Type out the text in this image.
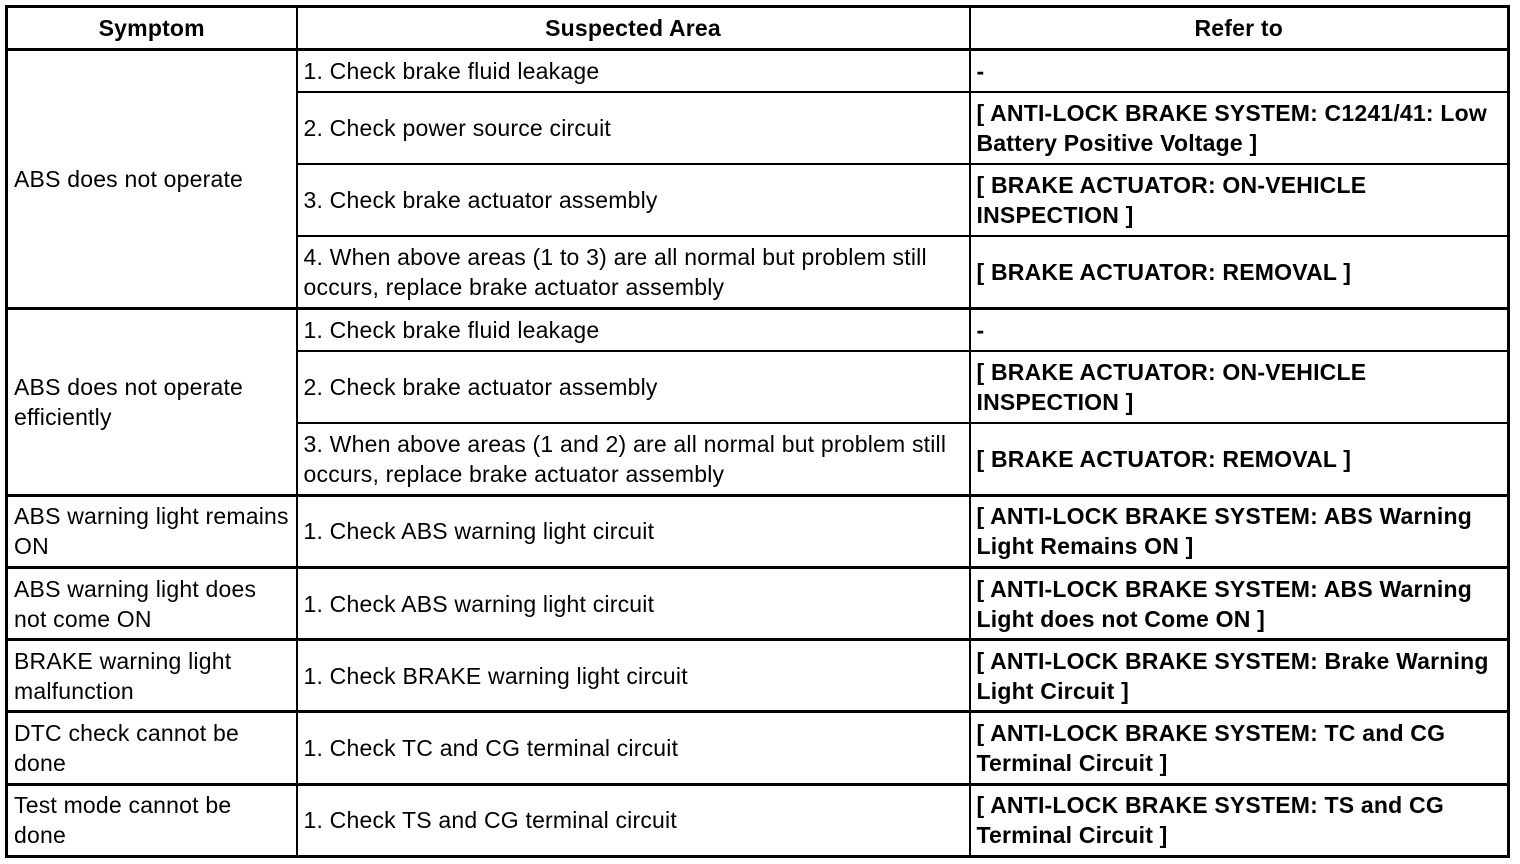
Symptom	Suspected Area	Refer to
ABS does not operate	1. Check brake fluid leakage	-
	2. Check power source circuit	[ ANTI-LOCK BRAKE SYSTEM: C1241/41: Low Battery Positive Voltage ]
	3. Check brake actuator assembly	[ BRAKE ACTUATOR: ON-VEHICLE INSPECTION ]
	4. When above areas (1 to 3) are all normal but problem still occurs, replace brake actuator assembly	[ BRAKE ACTUATOR: REMOVAL ]
ABS does not operate efficiently	1. Check brake fluid leakage	-
	2. Check brake actuator assembly	[ BRAKE ACTUATOR: ON-VEHICLE INSPECTION ]
	3. When above areas (1 and 2) are all normal but problem still occurs, replace brake actuator assembly	[ BRAKE ACTUATOR: REMOVAL ]
ABS warning light remains ON	1. Check ABS warning light circuit	[ ANTI-LOCK BRAKE SYSTEM: ABS Warning Light Remains ON ]
ABS warning light does not come ON	1. Check ABS warning light circuit	[ ANTI-LOCK BRAKE SYSTEM: ABS Warning Light does not Come ON ]
BRAKE warning light malfunction	1. Check BRAKE warning light circuit	[ ANTI-LOCK BRAKE SYSTEM: Brake Warning Light Circuit ]
DTC check cannot be done	1. Check TC and CG terminal circuit	[ ANTI-LOCK BRAKE SYSTEM: TC and CG Terminal Circuit ]
Test mode cannot be done	1. Check TS and CG terminal circuit	[ ANTI-LOCK BRAKE SYSTEM: TS and CG Terminal Circuit ]
